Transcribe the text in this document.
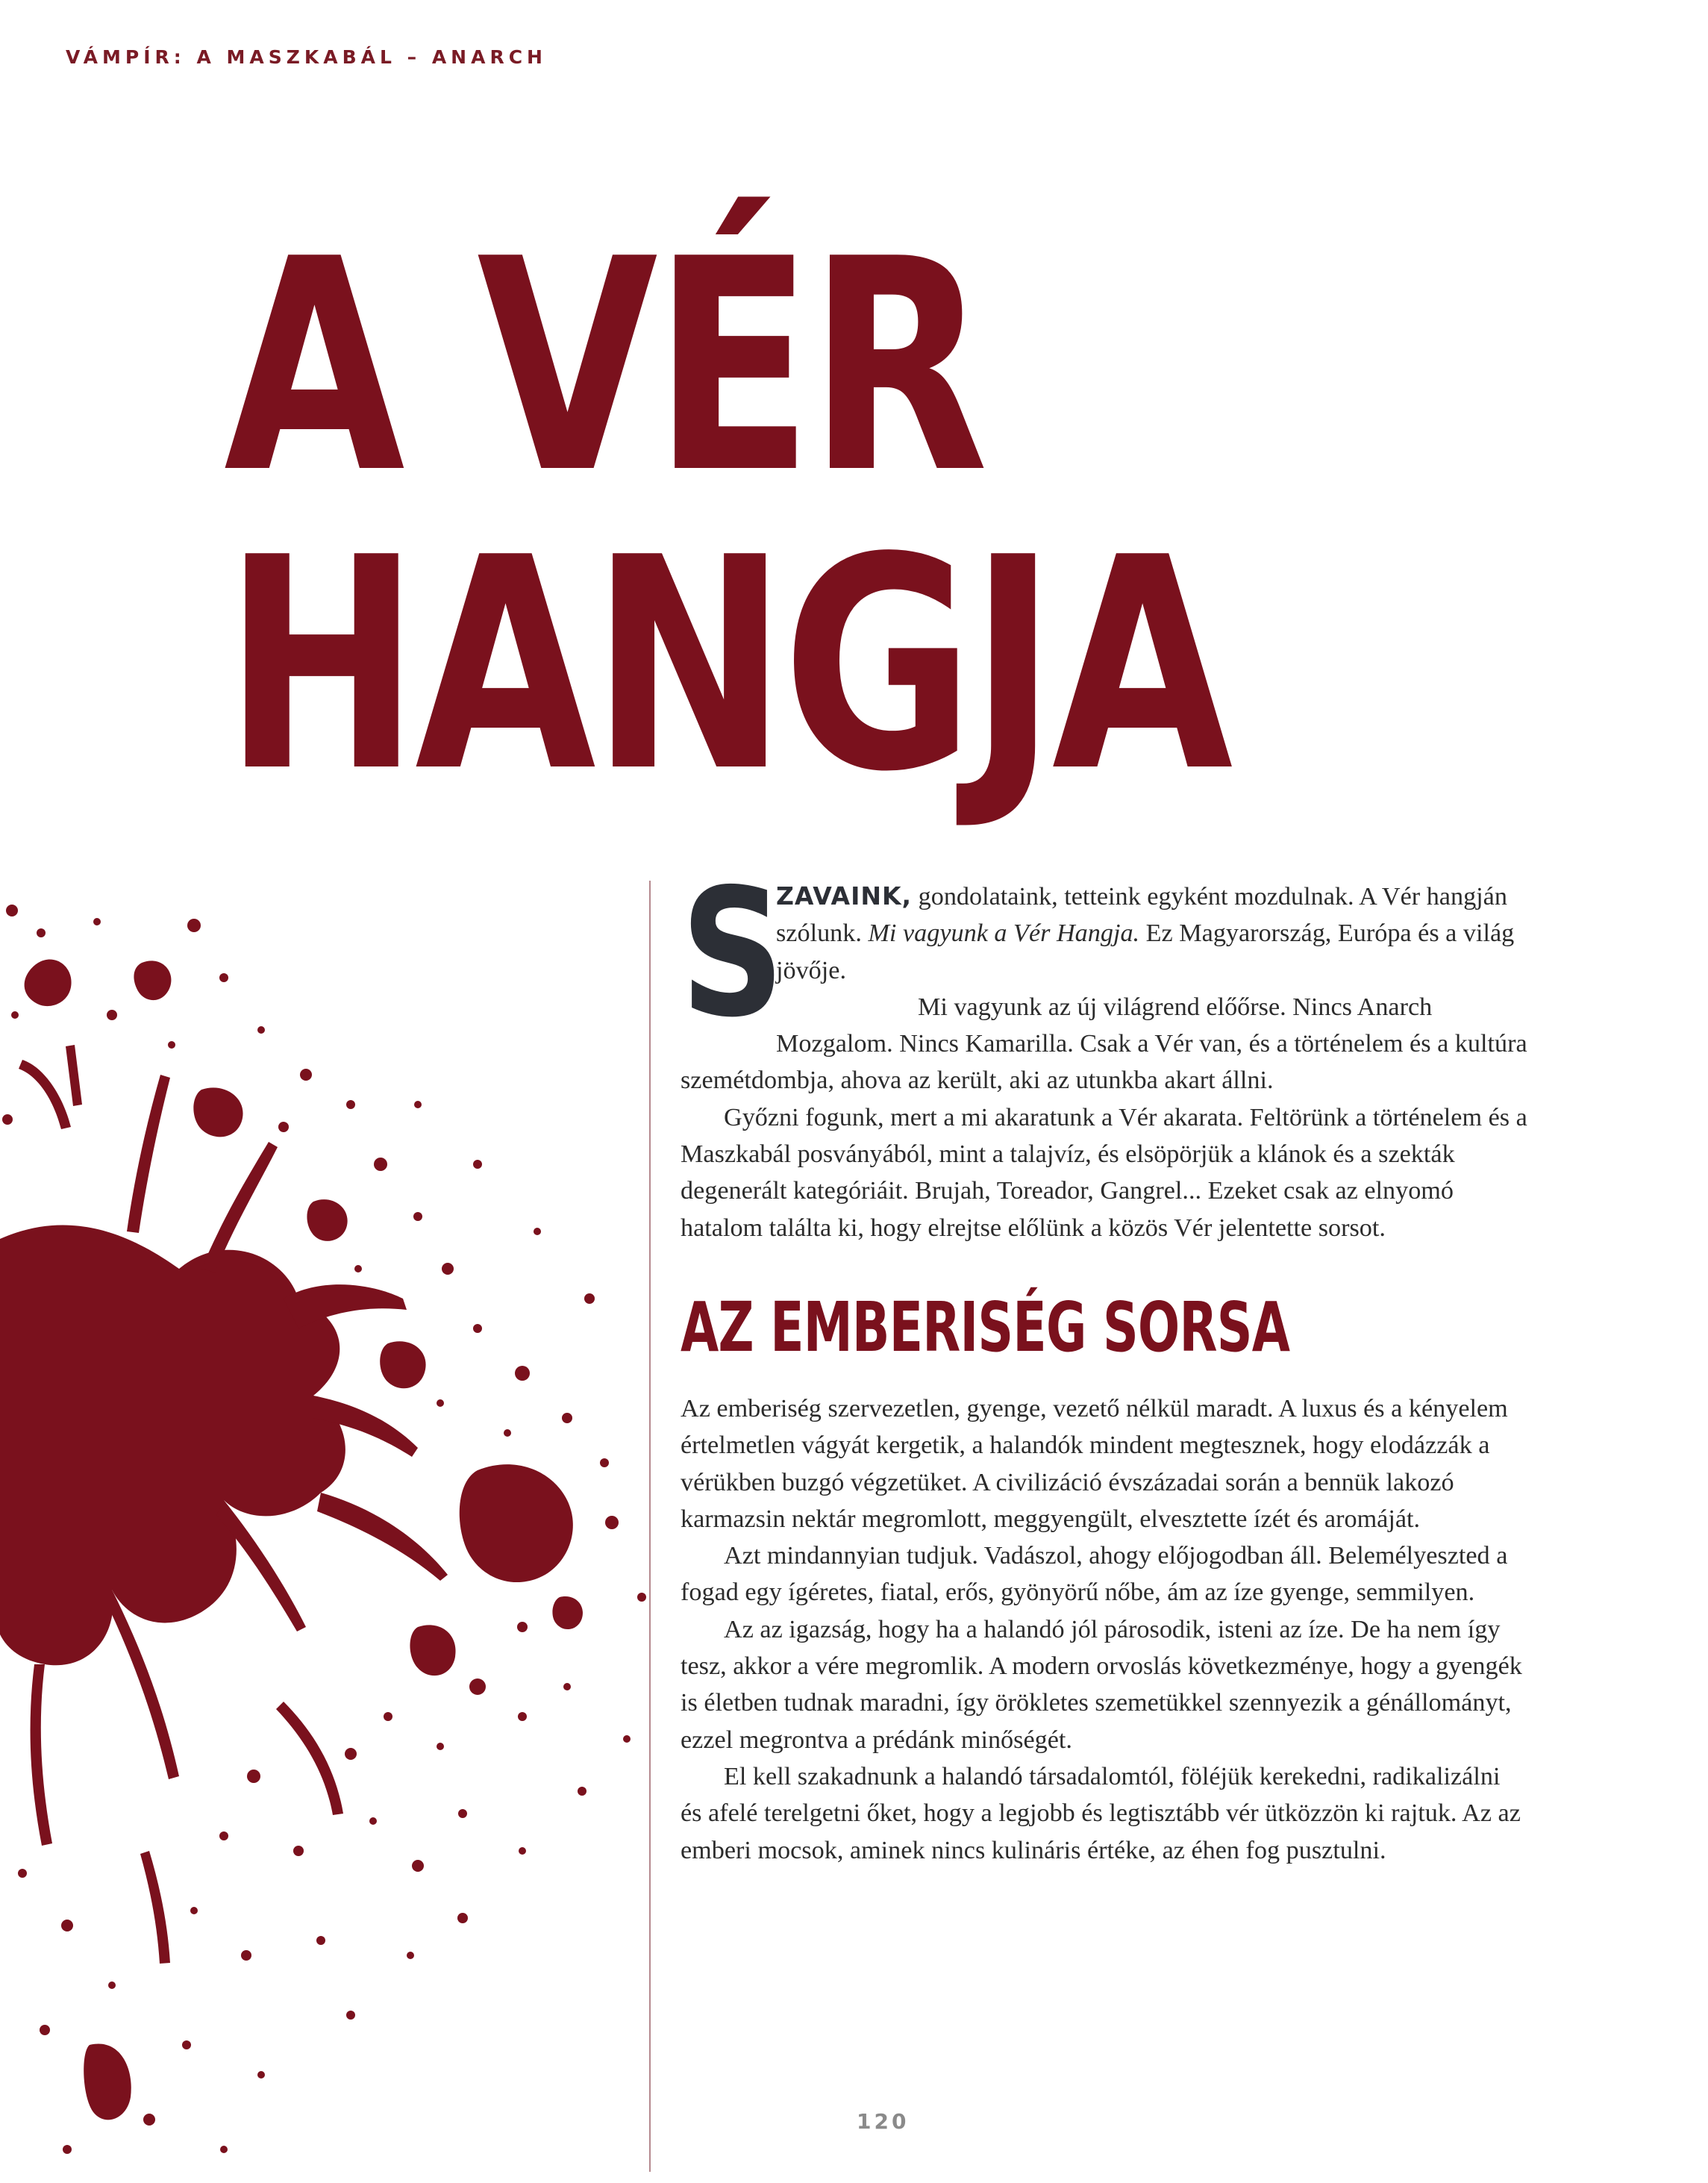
VÁMPÍR: A MASZKABÁL – ANARCH
A VÉR
HANGJA

S
ZAVAINK, gondolataink, tetteink egyként mozdulnak. A Vér hangján szólunk. Mi vagyunk a Vér Hangja. Ez Magyarország, Európa és a világ jövője.

Mi vagyunk az új világrend előőrse. Nincs Anarch Mozgalom. Nincs Kamarilla. Csak a Vér van, és a történelem és a kultúra szemétdombja, ahova az került, aki az utunkba akart állni.

Győzni fogunk, mert a mi akaratunk a Vér akarata. Feltörünk a történelem és a Maszkabál posványából, mint a talajvíz, és elsöpörjük a klánok és a szekták degenerált kategóriáit. Brujah, Toreador, Gangrel... Ezeket csak az elnyomó hatalom találta ki, hogy elrejtse előlünk a közös Vér jelentette sorsot.

AZ EMBERISÉG SORSA

Az emberiség szervezetlen, gyenge, vezető nélkül maradt. A luxus és a kényelem értelmetlen vágyát kergetik, a halandók mindent megtesznek, hogy elodázzák a vérükben buzgó végzetüket. A civilizáció évszázadai során a bennük lakozó karmazsin nektár megromlott, meggyengült, elvesztette ízét és aromáját.

Azt mindannyian tudjuk. Vadászol, ahogy előjogodban áll. Belemélyeszted a fogad egy ígéretes, fiatal, erős, gyönyörű nőbe, ám az íze gyenge, semmilyen.

Az az igazság, hogy ha a halandó jól párosodik, isteni az íze. De ha nem így tesz, akkor a vére megromlik. A modern orvoslás következménye, hogy a gyengék is életben tudnak maradni, így örökletes szemetükkel szennyezik a génállományt, ezzel megrontva a prédánk minőségét.

El kell szakadnunk a halandó társadalomtól, föléjük kerekedni, radikalizálni és afelé terelgetni őket, hogy a legjobb és legtisztább vér ütközzön ki rajtuk. Az az emberi mocsok, aminek nincs kulináris értéke, az éhen fog pusztulni.

120
